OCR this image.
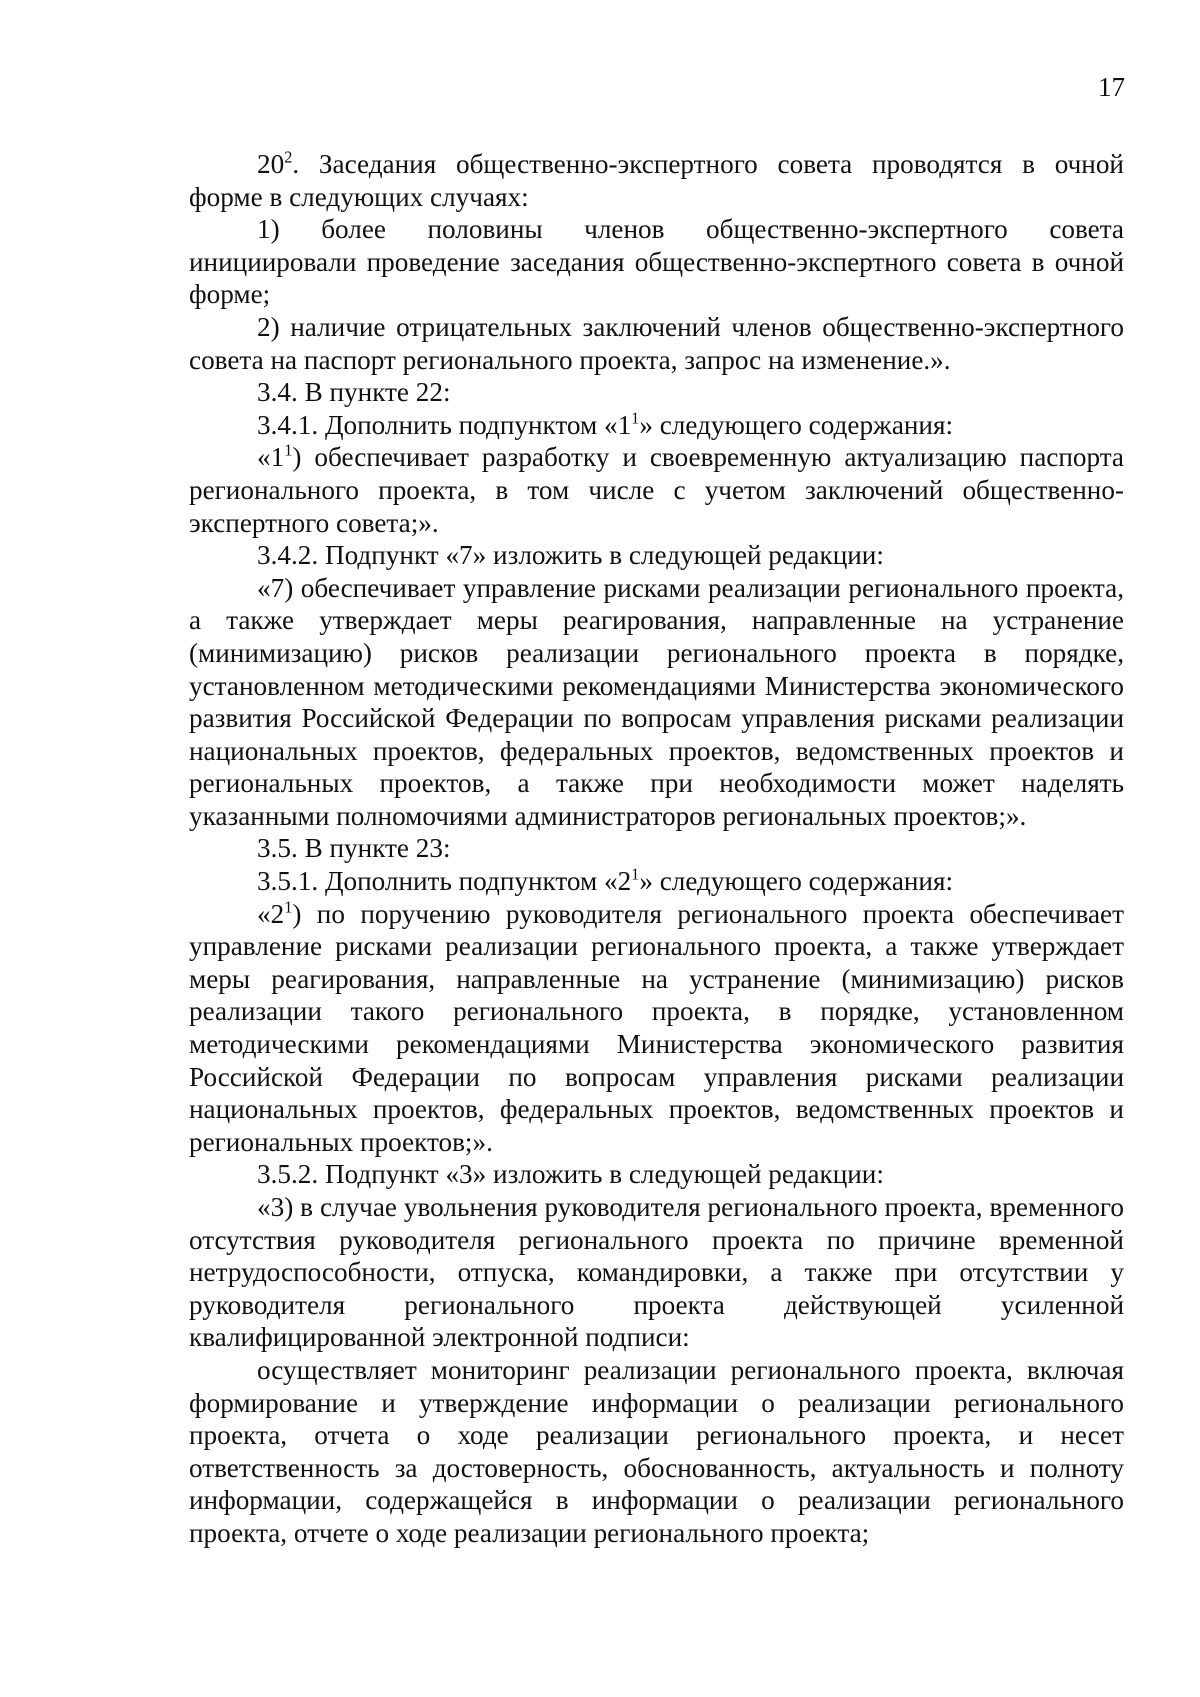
17

$20^2$. Заседания общественно-экспертного совета проводятся в очной форме в следующих случаях:

1) более половины членов общественно-экспертного совета инициировали проведение заседания общественно-экспертного совета в очной форме;

2) наличие отрицательных заключений членов общественно-экспертного совета на паспорт регионального проекта, запрос на изменение.».

3.4. В пункте 22:

3.4.1. Дополнить подпунктом «$1^1$» следующего содержания:

«$1^1$) обеспечивает разработку и своевременную актуализацию паспорта регионального проекта, в том числе с учетом заключений общественно-экспертного совета;».

3.4.2. Подпункт «7» изложить в следующей редакции:

«7) обеспечивает управление рисками реализации регионального проекта, а также утверждает меры реагирования, направленные на устранение (минимизацию) рисков реализации регионального проекта в порядке, установленном методическими рекомендациями Министерства экономического развития Российской Федерации по вопросам управления рисками реализации национальных проектов, федеральных проектов, ведомственных проектов и региональных проектов, а также при необходимости может наделять указанными полномочиями администраторов региональных проектов;».

3.5. В пункте 23:

3.5.1. Дополнить подпунктом «$2^1$» следующего содержания:

«$2^1$) по поручению руководителя регионального проекта обеспечивает управление рисками реализации регионального проекта, а также утверждает меры реагирования, направленные на устранение (минимизацию) рисков реализации такого регионального проекта, в порядке, установленном методическими рекомендациями Министерства экономического развития Российской Федерации по вопросам управления рисками реализации национальных проектов, федеральных проектов, ведомственных проектов и региональных проектов;».

3.5.2. Подпункт «3» изложить в следующей редакции:

«3) в случае увольнения руководителя регионального проекта, временного отсутствия руководителя регионального проекта по причине временной нетрудоспособности, отпуска, командировки, а также при отсутствии у руководителя регионального проекта действующей усиленной квалифицированной электронной подписи:

осуществляет мониторинг реализации регионального проекта, включая формирование и утверждение информации о реализации регионального проекта, отчета о ходе реализации регионального проекта, и несет ответственность за достоверность, обоснованность, актуальность и полноту информации, содержащейся в информации о реализации регионального проекта, отчете о ходе реализации регионального проекта;
